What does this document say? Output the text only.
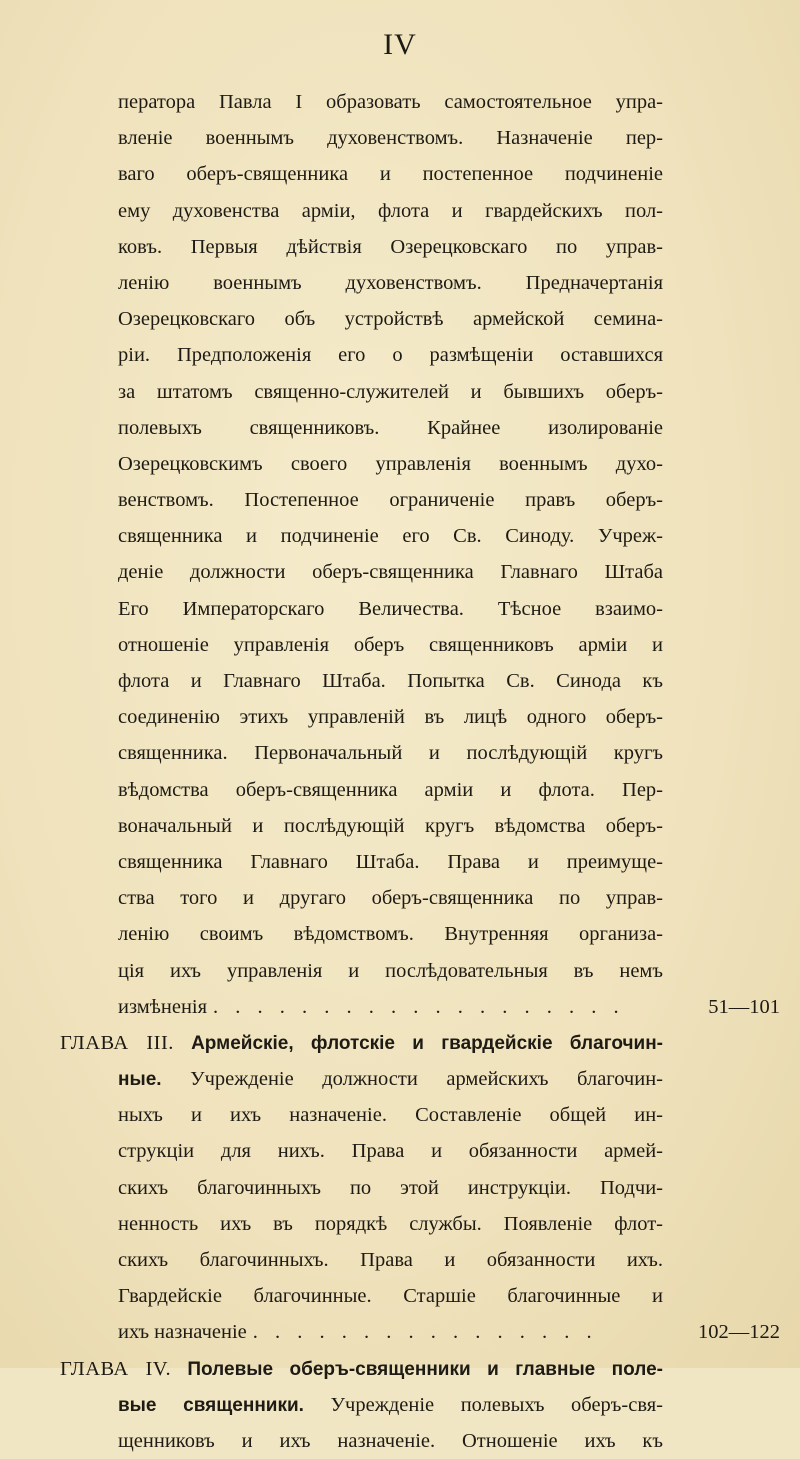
IV
ператора Павла I образовать самостоятельное упра-
вленіе военнымъ духовенствомъ. Назначеніе пер-
ваго оберъ-священника и постепенное подчиненіе
ему духовенства арміи, флота и гвардейскихъ пол-
ковъ. Первыя дѣйствія Озерецковскаго по управ-
ленію военнымъ духовенствомъ. Предначертанія
Озерецковскаго объ устройствѣ армейской семина-
ріи. Предположенія его о размѣщеніи оставшихся
за штатомъ священно-служителей и бывшихъ оберъ-
полевыхъ священниковъ. Крайнее изолированіе
Озерецковскимъ своего управленія военнымъ духо-
венствомъ. Постепенное ограниченіе правъ оберъ-
священника и подчиненіе его Св. Синоду. Учреж-
деніе должности оберъ-священника Главнаго Штаба
Его Императорскаго Величества. Тѣсное взаимо-
отношеніе управленія оберъ священниковъ арміи и
флота и Главнаго Штаба. Попытка Св. Синода къ
соединенію этихъ управленій въ лицѣ одного оберъ-
священника. Первоначальный и послѣдующій кругъ
вѣдомства оберъ-священника арміи и флота. Пер-
воначальный и послѣдующій кругъ вѣдомства оберъ-
священника Главнаго Штаба. Права и преимуще-
ства того и другаго оберъ-священника по управ-
ленію своимъ вѣдомствомъ. Внутренняя организа-
ція ихъ управленія и послѣдовательныя въ немъ
измѣненія . . . . . . . . . . . . . . . . . . .	51—101
ГЛАВА III. Армейскіе, флотскіе и гвардейскіе благочин-
ные. Учрежденіе должности армейскихъ благочин-
ныхъ и ихъ назначеніе. Составленіе общей ин-
струкціи для нихъ. Права и обязанности армей-
скихъ благочинныхъ по этой инструкціи. Подчи-
ненность ихъ въ порядкѣ службы. Появленіе флот-
скихъ благочинныхъ. Права и обязанности ихъ.
Гвардейскіе благочинные. Старшіе благочинные и
ихъ назначеніе . . . . . . . . . . . . . . . .	102—122
ГЛАВА IV. Полевые оберъ-священники и главные поле-
вые священники. Учрежденіе полевыхъ оберъ-свя-
щенниковъ и ихъ назначеніе. Отношеніе ихъ къ
